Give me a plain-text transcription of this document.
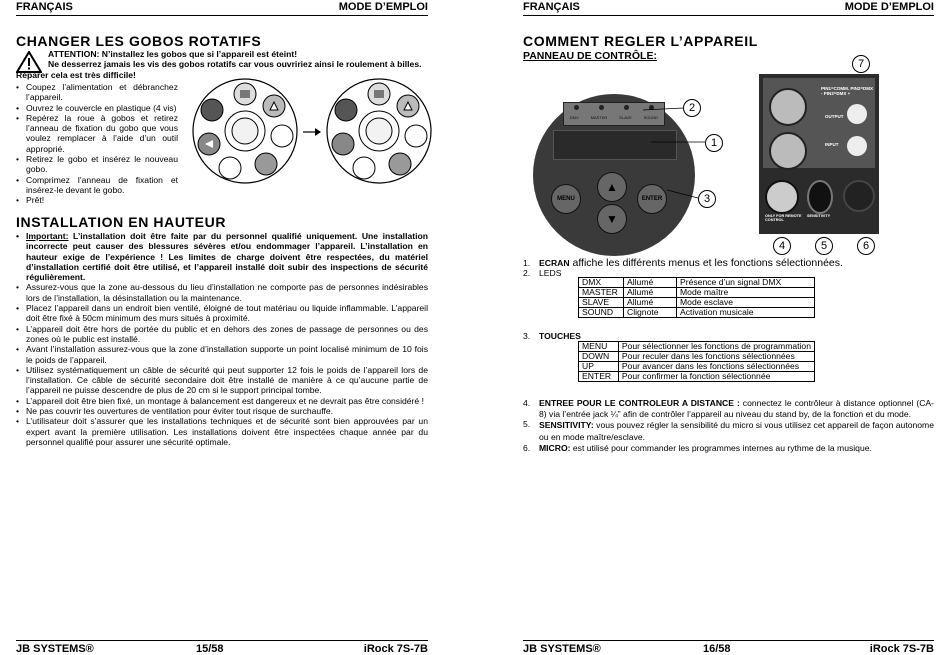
FRANÇAIS	MODE D’EMPLOI
CHANGER LES GOBOS ROTATIFS
ATTENTION: N’installez les gobos que si l’appareil est éteint!
Ne desserrez jamais les vis des gobos rotatifs car vous ouvririez ainsi le roulement à billes.
Réparer cela est très difficile!
• Coupez l’alimentation et débranchez l’appareil.
• Ouvrez le couvercle en plastique (4 vis)
• Repérez la roue à gobos et retirez l’anneau de fixation du gobo que vous voulez remplacer à l’aide d’un outil approprié.
• Retirez le gobo et insérez le nouveau gobo.
• Comprimez l’anneau de fixation et insérez-le devant le gobo.
• Prêt!
INSTALLATION EN HAUTEUR
• Important: L’installation doit être faite par du personnel qualifié uniquement. Une installation incorrecte peut causer des blessures sévères et/ou endommager l’appareil. L’installation en hauteur exige de l’expérience ! Les limites de charge doivent être respectées, du matériel d’installation certifié doit être utilisé, et l’appareil installé doit subir des inspections de sécurité régulièrement.
• Assurez-vous que la zone au-dessous du lieu d’installation ne comporte pas de personnes indésirables lors de l’installation, la désinstallation ou la maintenance.
• Placez l’appareil dans un endroit bien ventilé, éloigné de tout matériau ou liquide inflammable. L’appareil doit être fixé à 50cm minimum des murs situés à proximité.
• L’appareil doit être hors de portée du public et en dehors des zones de passage de personnes ou des zones où le public est installé.
• Avant l’installation assurez-vous que la zone d’installation supporte un point localisé minimum de 10 fois le poids de l’appareil.
• Utilisez systématiquement un câble de sécurité qui peut supporter 12 fois le poids de l’appareil lors de l’installation. Ce câble de sécurité secondaire doit être installé de manière à ce qu’aucune partie de l’appareil ne puisse descendre de plus de 20 cm si le support principal tombe.
• L’appareil doit être bien fixé, un montage à balancement est dangereux et ne devrait pas être considéré !
• Ne pas couvrir les ouvertures de ventilation pour éviter tout risque de surchauffe.
• L’utilisateur doit s’assurer que les installations techniques et de sécurité sont bien approuvées par un expert avant la première utilisation. Les installations doivent être inspectées chaque année par du personnel qualifié pour assurer une sécurité optimale.
JB SYSTEMS®	15/58	iRock 7S-7B
FRANÇAIS	MODE D’EMPLOI
COMMENT REGLER L’APPAREIL
PANNEAU DE CONTRÔLE:
DMX	MASTER	SLAVE	SOUND
MENU
▲
▼
ENTER
2
1
3
PIN1=COMM. PIN2=DMX - PIN3=DMX +
OUTPUT
INPUT
ONLY FOR REMOTE CONTROL
SENSITIVITY
7
4	5	6
1. ECRAN affiche les différents menus et les fonctions sélectionnées.
2. LEDS
DMX	Allumé	Présence d’un signal DMX
MASTER	Allumé	Mode maître
SLAVE	Allumé	Mode esclave
SOUND	Clignote	Activation musicale
3. TOUCHES
MENU	Pour sélectionner les fonctions de programmation
DOWN	Pour reculer dans les fonctions sélectionnées
UP	Pour avancer dans les fonctions sélectionnées
ENTER	Pour confirmer la fonction sélectionnée
4. ENTREE POUR LE CONTROLEUR A DISTANCE : connectez le contrôleur à distance optionnel (CA-8) via l’entrée jack ¼” afin de contrôler l’appareil au niveau du stand by, de la fonction et du mode.
5. SENSITIVITY: vous pouvez régler la sensibilité du micro si vous utilisez cet appareil de façon autonome ou en mode maître/esclave.
6. MICRO: est utilisé pour commander les programmes internes au rythme de la musique.
JB SYSTEMS®	16/58	iRock 7S-7B
